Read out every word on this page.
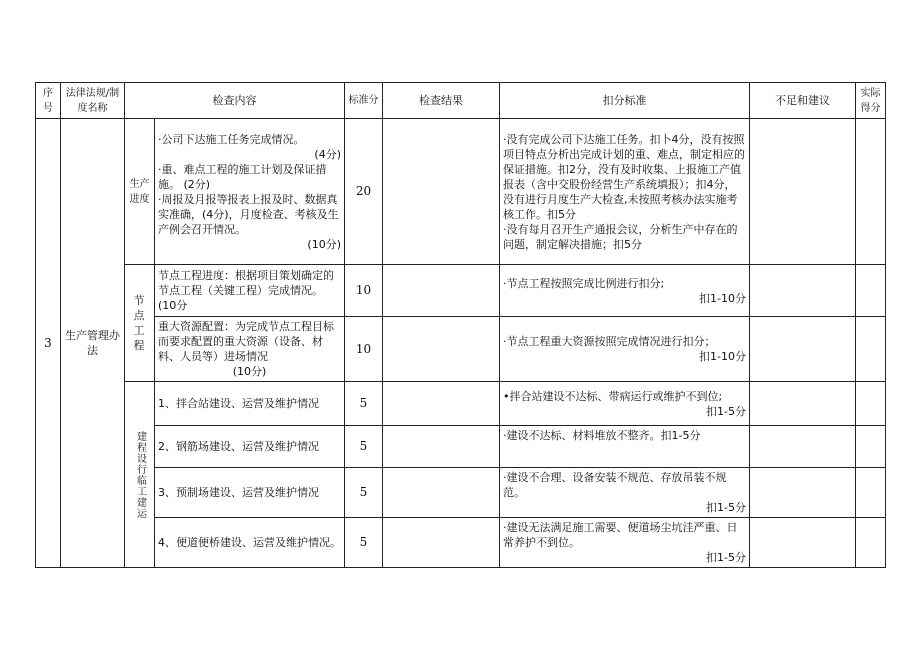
序号	法律法规/制度名称	检查内容		标准分	检查结果	扣分标准	不足和建议	实际得分
3	生产管理办法	生产进度	·公司下达施工任务完成情况。
(4分)
·重、难点工程的施工计划及保证措施。 (2分)
·周报及月报等报表上报及时、数据真实准确，(4分)，月度检查、考核及生产例会召开情况。
(10分)	20		·没有完成公司下达施工任务。扣卜4分，没有按照项目特点分析出完成计划的重、难点，制定相应的保证措施。扣2分，没有及时收集、上报施工产值报表（含中交股份经营生产系统填报）；扣4分，没有进行月度生产大检查,未按照考核办法实施考核工作。扣5分
·没有每月召开生产通报会议，分析生产中存在的问题，制定解决措施；扣5分		

		节点工程	节点工程进度：根据项目策划确定的节点工程（关键工程）完成情况。 (10分	10		·节点工程按照完成比例进行扣分;
扣1-10分		

			重大资源配置：为完成节点工程目标而要求配置的重大资源（设备、材料、人员等）进场情况
(10分)	10		·节点工程重大资源按照完成情况进行扣分；
扣1-10分		

		建程设行临工建运	1、拌合站建设、运营及维护情况	5		•拌合站建设不达标、带病运行或维护不到位;
扣1-5分		

			2、钢筋场建设、运营及维护情况	5		·建设不达标、材料堆放不整齐。扣1-5分		

			3、预制场建设、运营及维护情况	5		·建设不合理、设备安装不规范、存放吊装不规范。
扣1-5分		

			4、便道便桥建设、运营及维护情况。	5		·建设无法满足施工需要、便道场尘坑洼严重、日常养护不到位。
扣1-5分		
